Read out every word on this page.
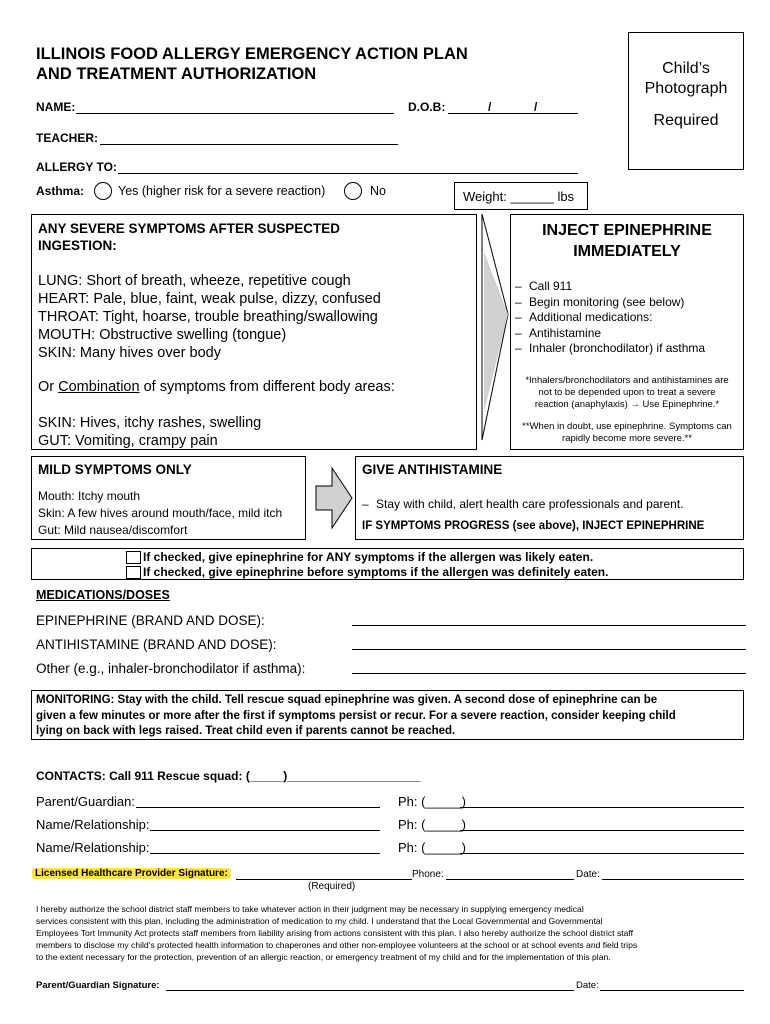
ILLINOIS FOOD ALLERGY EMERGENCY ACTION PLAN
AND TREATMENT AUTHORIZATION	Child’s
Photograph
Required
NAME:	D.O.B:	/	/
TEACHER:
ALLERGY TO:
Asthma:	Yes (higher risk for a severe reaction)	No	Weight: ______ lbs
ANY SEVERE SYMPTOMS AFTER SUSPECTED
INGESTION:
LUNG: Short of breath, wheeze, repetitive cough
HEART: Pale, blue, faint, weak pulse, dizzy, confused
THROAT: Tight, hoarse, trouble breathing/swallowing
MOUTH: Obstructive swelling (tongue)
SKIN: Many hives over body
Or Combination of symptoms from different body areas:
SKIN: Hives, itchy rashes, swelling
GUT: Vomiting, crampy pain
INJECT EPINEPHRINE
IMMEDIATELY
– Call 911
– Begin monitoring (see below)
– Additional medications:
– Antihistamine
– Inhaler (bronchodilator) if asthma
*Inhalers/bronchodilators and antihistamines are
not to be depended upon to treat a severe
reaction (anaphylaxis) → Use Epinephrine.*
**When in doubt, use epinephrine. Symptoms can
rapidly become more severe.**
MILD SYMPTOMS ONLY
Mouth: Itchy mouth
Skin: A few hives around mouth/face, mild itch
Gut: Mild nausea/discomfort
GIVE ANTIHISTAMINE
– Stay with child, alert health care professionals and parent.
IF SYMPTOMS PROGRESS (see above), INJECT EPINEPHRINE
If checked, give epinephrine for ANY symptoms if the allergen was likely eaten.
If checked, give epinephrine before symptoms if the allergen was definitely eaten.
MEDICATIONS/DOSES
EPINEPHRINE (BRAND AND DOSE):
ANTIHISTAMINE (BRAND AND DOSE):
Other (e.g., inhaler-bronchodilator if asthma):
MONITORING: Stay with the child. Tell rescue squad epinephrine was given. A second dose of epinephrine can be
given a few minutes or more after the first if symptoms persist or recur. For a severe reaction, consider keeping child
lying on back with legs raised. Treat child even if parents cannot be reached.
CONTACTS: Call 911 Rescue squad: (_____)____________________
Parent/Guardian:	Ph: (_____)
Name/Relationship:	Ph: (_____)
Name/Relationship:	Ph: (_____)
Licensed Healthcare Provider Signature:	Phone:	Date:
(Required)
I hereby authorize the school district staff members to take whatever action in their judgment may be necessary in supplying emergency medical
services consistent with this plan, including the administration of medication to my child. I understand that the Local Governmental and Governmental
Employees Tort Immunity Act protects staff members from liability arising from actions consistent with this plan. I also hereby authorize the school district staff
members to disclose my child's protected health information to chaperones and other non-employee volunteers at the school or at school events and field trips
to the extent necessary for the protection, prevention of an allergic reaction, or emergency treatment of my child and for the implementation of this plan.
Parent/Guardian Signature:	Date:
